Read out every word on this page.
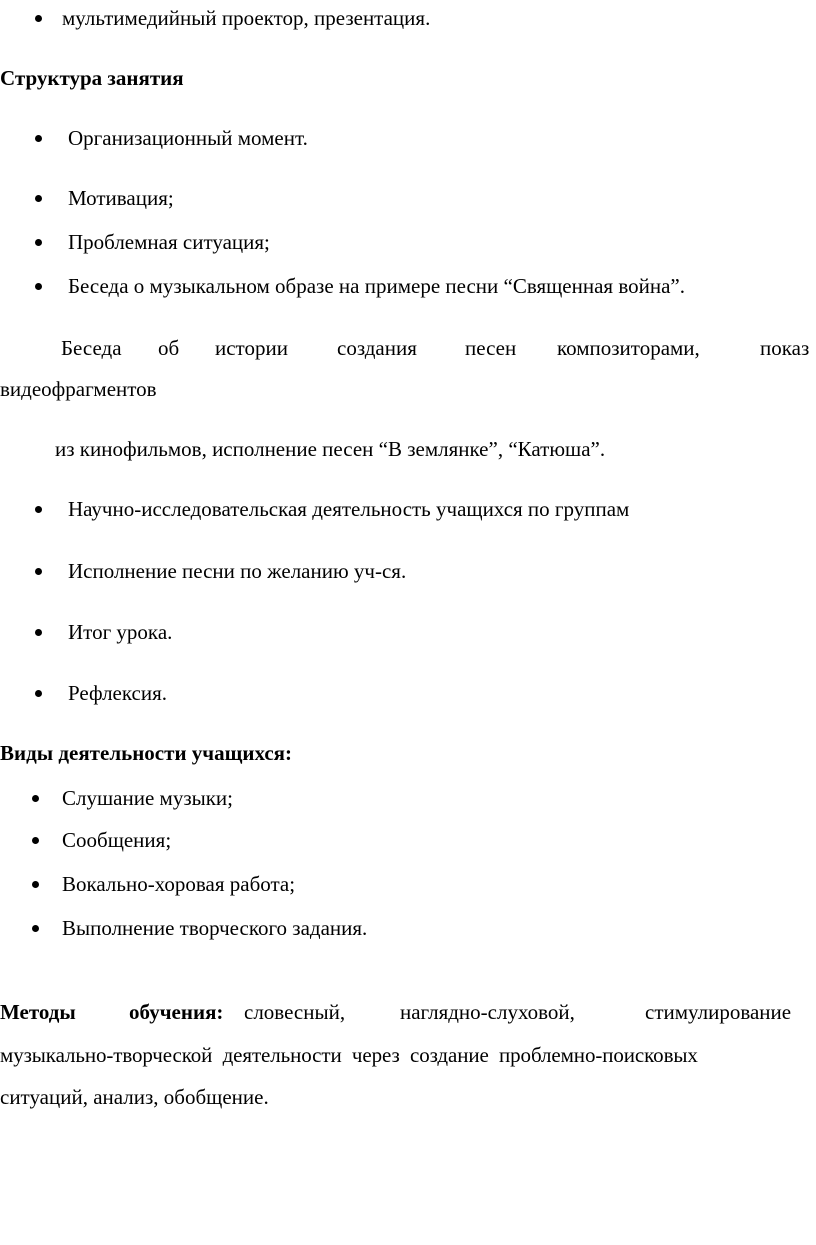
мультимедийный проектор, презентация.
Структура занятия
Организационный момент.
Мотивация;
Проблемная ситуация;
Беседа о музыкальном образе на примере песни “Священная война”.
Беседа об истории создания песен композиторами,	показ
видеофрагментов
из кинофильмов, исполнение песен “В землянке”, “Катюша”.
Научно-исследовательская деятельность учащихся по группам
Исполнение песни по желанию уч-ся.
Итог урока.
Рефлексия.
Виды деятельности учащихся:
Слушание музыки;
Сообщения;
Вокально-хоровая работа;
Выполнение творческого задания.
Методы	обучения: словесный,	наглядно-слуховой,	стимулирование
музыкально-творческой  деятельности  через  создание  проблемно-поисковых
ситуаций, анализ, обобщение.
